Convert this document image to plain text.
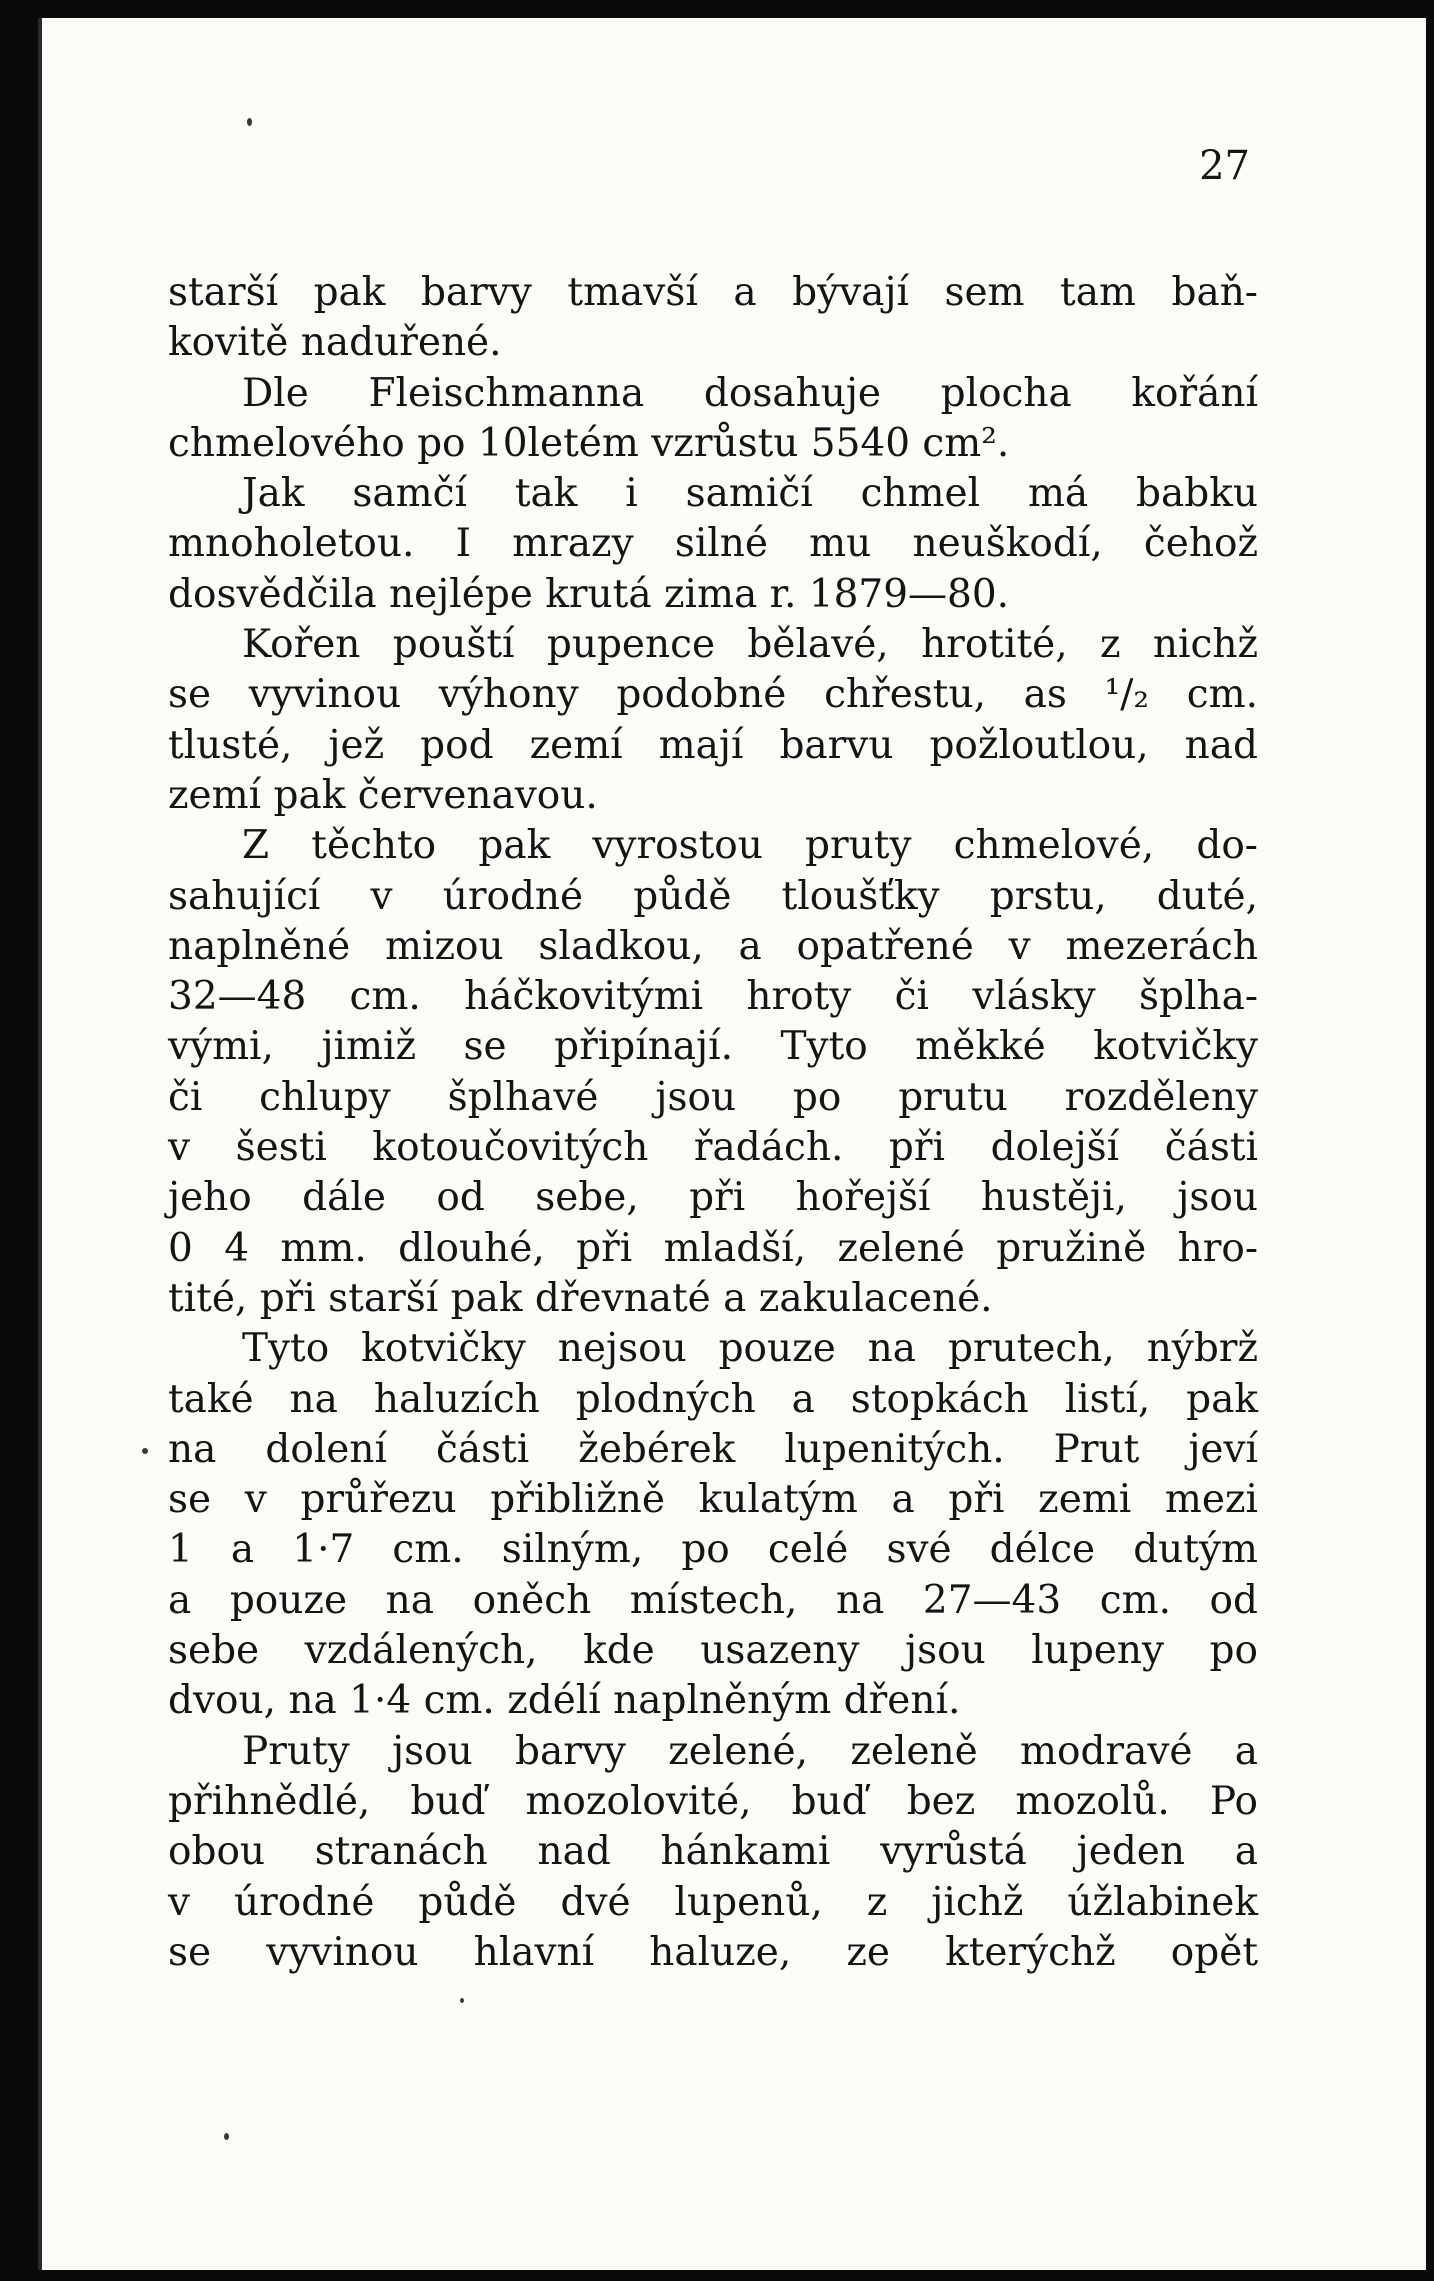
27
starší pak barvy tmavší a bývají sem tam baň-
kovitě naduřené.
Dle Fleischmanna dosahuje plocha kořání
chmelového po 10letém vzrůstu 5540 cm².
Jak samčí tak i samičí chmel má babku
mnoholetou. I mrazy silné mu neuškodí, čehož
dosvědčila nejlépe krutá zima r. 1879—80.
Kořen pouští pupence bělavé, hrotité, z nichž
se vyvinou výhony podobné chřestu, as ¹/₂ cm.
tlusté, jež pod zemí mají barvu požloutlou, nad
zemí pak červenavou.
Z těchto pak vyrostou pruty chmelové, do-
sahující v úrodné půdě tloušťky prstu, duté,
naplněné mizou sladkou, a opatřené v mezerách
32—48 cm. háčkovitými hroty či vlásky šplha-
vými, jimiž se připínají. Tyto měkké kotvičky
či chlupy šplhavé jsou po prutu rozděleny
v šesti kotoučovitých řadách. při dolejší části
jeho dále od sebe, při hořejší hustěji, jsou
0 4 mm. dlouhé, při mladší, zelené pružině hro-
tité, při starší pak dřevnaté a zakulacené.
Tyto kotvičky nejsou pouze na prutech, nýbrž
také na haluzích plodných a stopkách listí, pak
na dolení části žebérek lupenitých. Prut jeví
se v průřezu přibližně kulatým a při zemi mezi
1 a 1·7 cm. silným, po celé své délce dutým
a pouze na oněch místech, na 27—43 cm. od
sebe vzdálených, kde usazeny jsou lupeny po
dvou, na 1·4 cm. zdélí naplněným dření.
Pruty jsou barvy zelené, zeleně modravé a
přihnědlé, buď mozolovité, buď bez mozolů. Po
obou stranách nad hánkami vyrůstá jeden a
v úrodné půdě dvé lupenů, z jichž úžlabinek
se vyvinou hlavní haluze, ze kterýchž opět
